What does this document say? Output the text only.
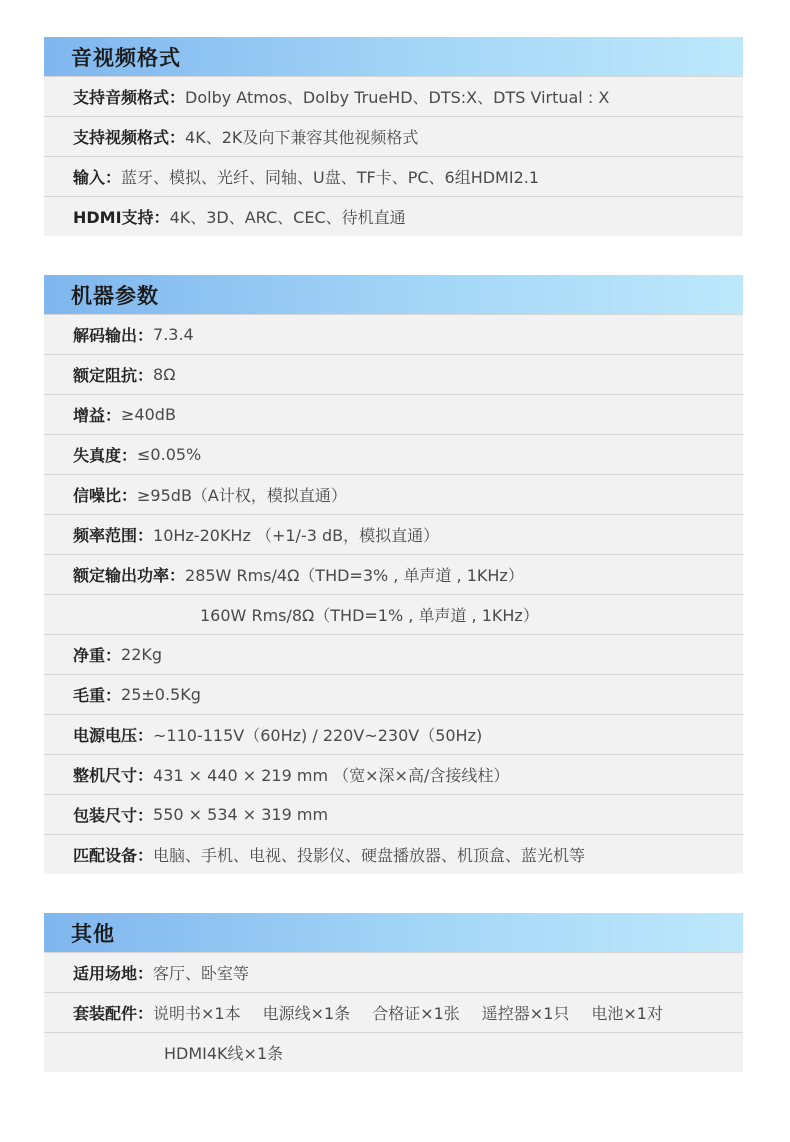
音视频格式
支持音频格式： Dolby Atmos、Dolby TrueHD、DTS:X、DTS Virtual : X
支持视频格式： 4K、2K及向下兼容其他视频格式
输入： 蓝牙、模拟、光纤、同轴、U盘、TF卡、PC、6组HDMI2.1
HDMI支持： 4K、3D、ARC、CEC、待机直通
机器参数
解码输出： 7.3.4
额定阻抗： 8Ω
增益： ≥40dB
失真度： ≤0.05%
信噪比： ≥95dB（A计权，模拟直通）
频率范围： 10Hz-20KHz （+1/-3 dB，模拟直通）
额定输出功率： 285W Rms/4Ω（THD=3% , 单声道 , 1KHz）
160W Rms/8Ω（THD=1% , 单声道 , 1KHz）
净重： 22Kg
毛重： 25±0.5Kg
电源电压： ~110-115V（60Hz) / 220V~230V（50Hz)
整机尺寸： 431 × 440 × 219 mm （宽×深×高/含接线柱）
包装尺寸： 550 × 534 × 319 mm
匹配设备： 电脑、手机、电视、投影仪、硬盘播放器、机顶盒、蓝光机等
其他
适用场地： 客厅、卧室等
套装配件： 说明书×1本 电源线×1条 合格证×1张 遥控器×1只 电池×1对
HDMI4K线×1条
